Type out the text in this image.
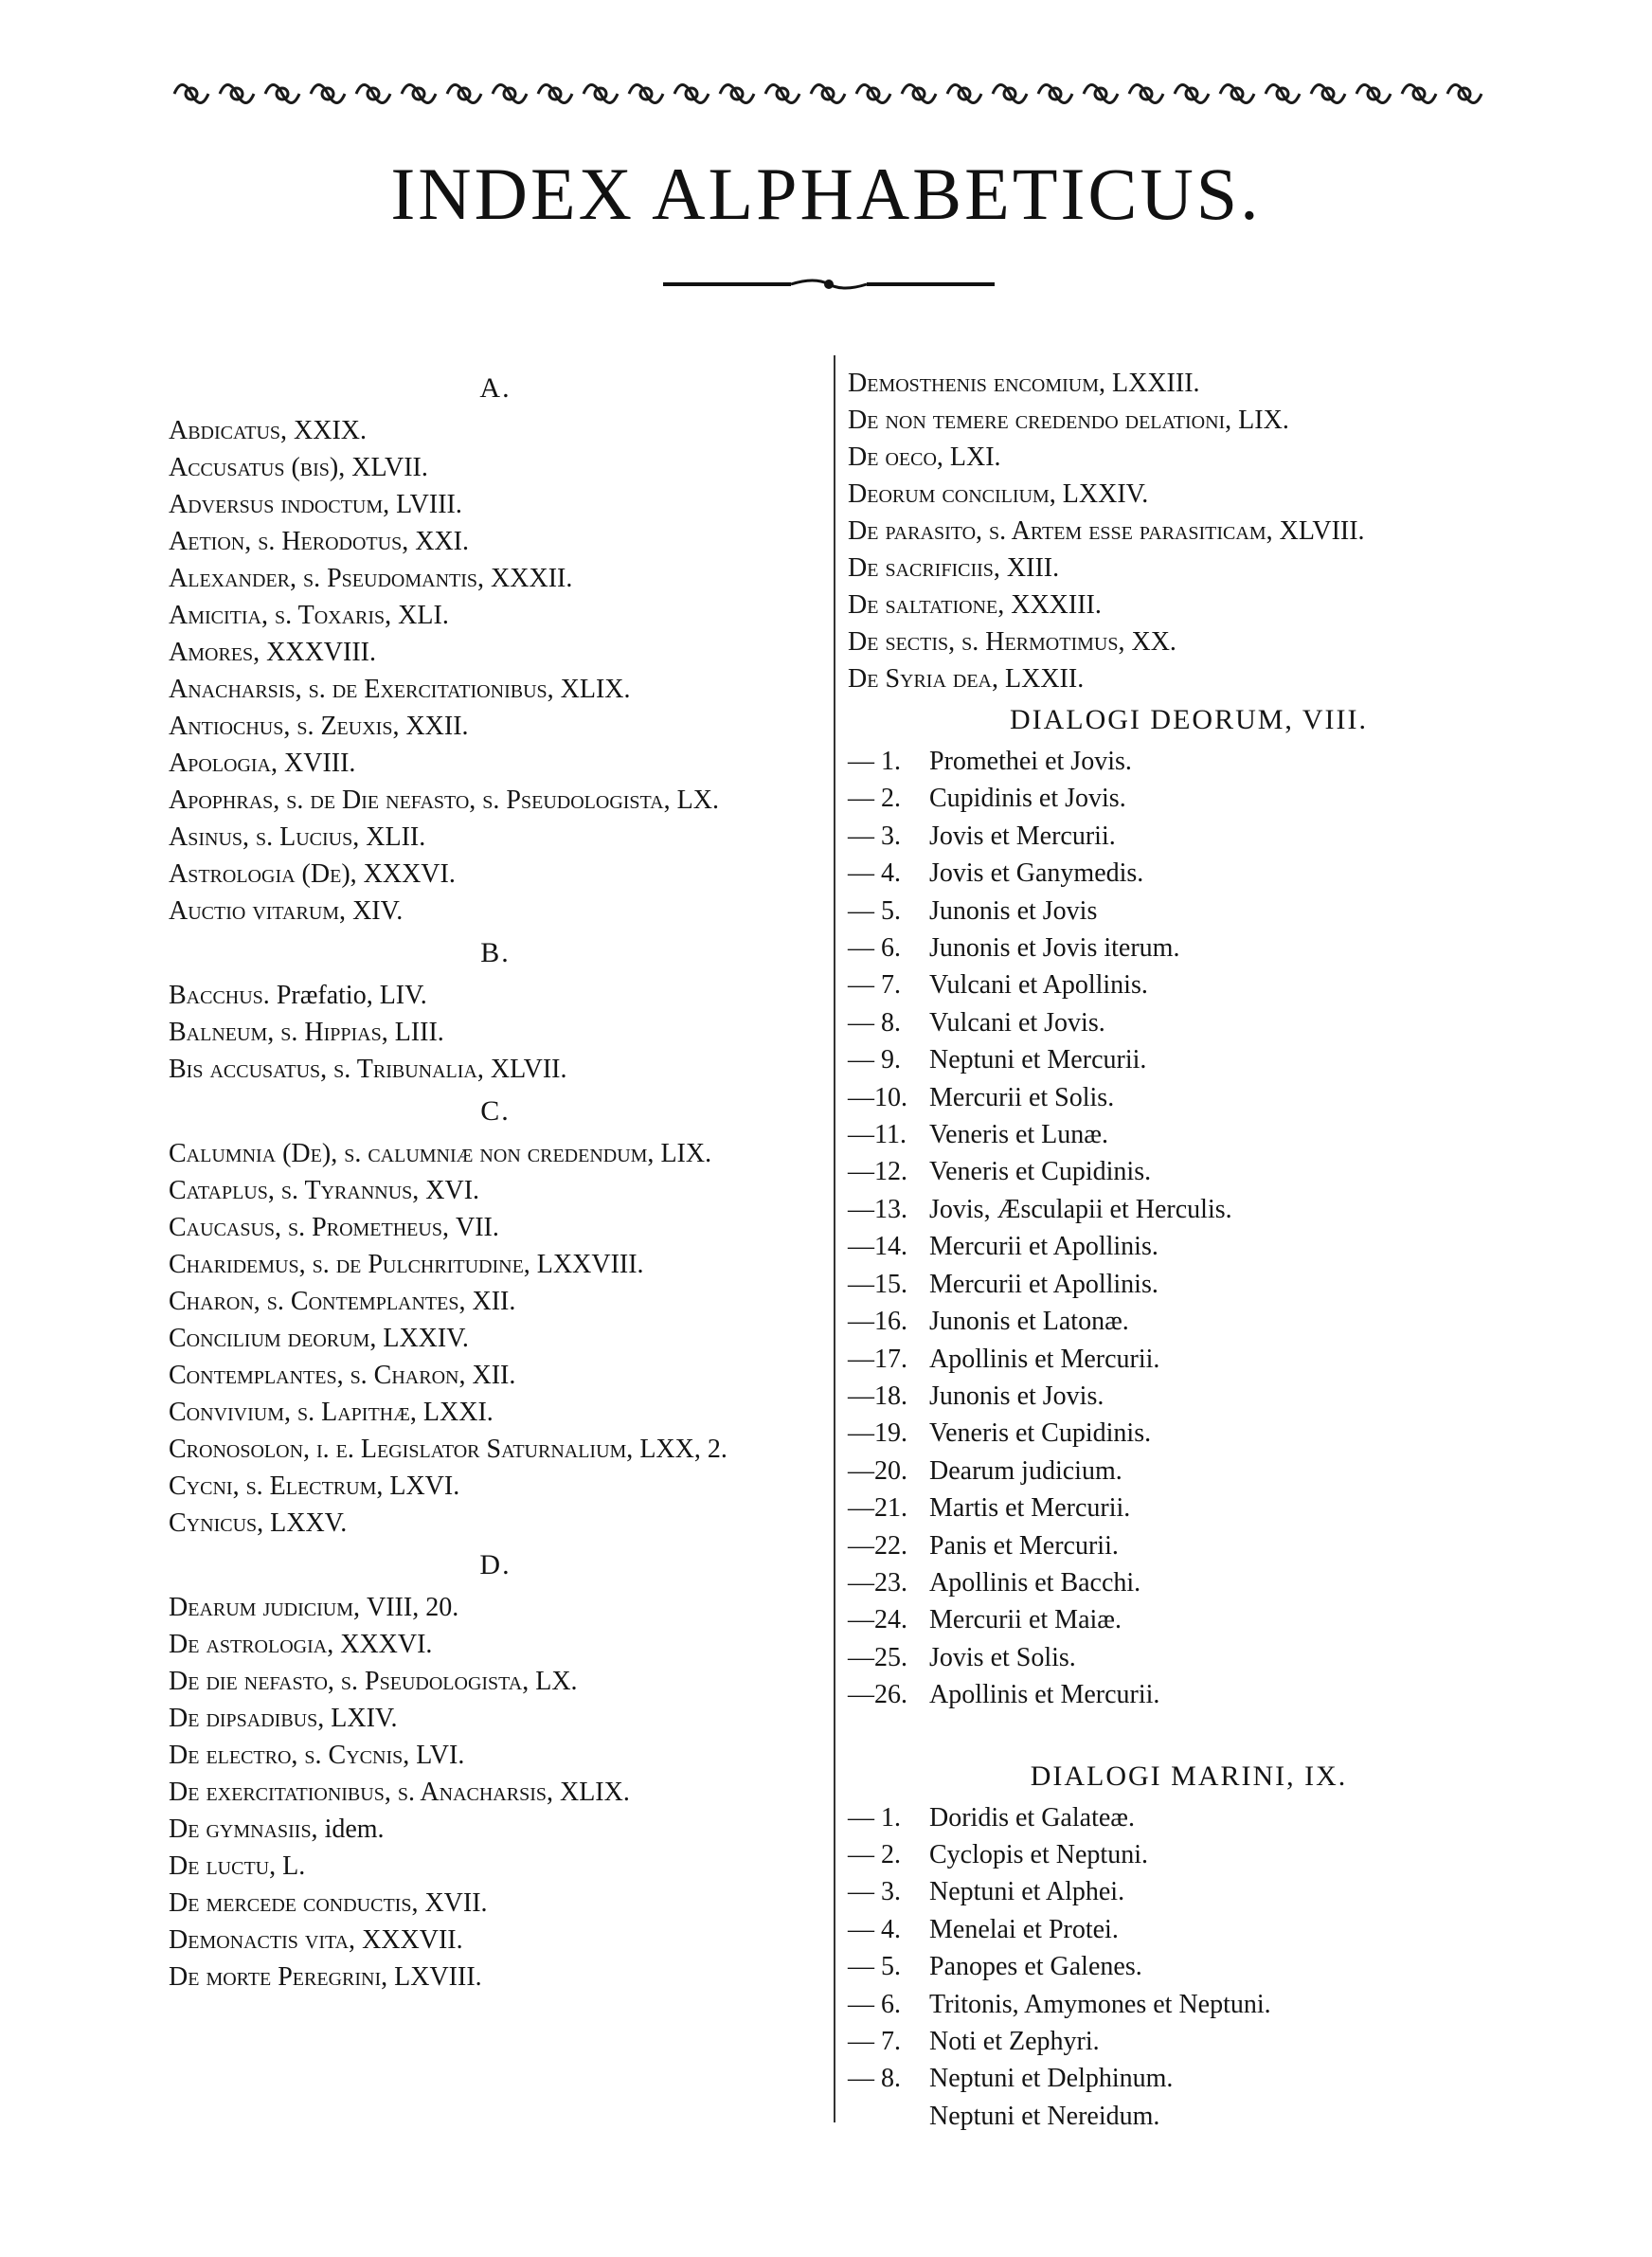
INDEX ALPHABETICUS.
A.

Abdicatus, XXIX.

Accusatus (bis), XLVII.

Adversus indoctum, LVIII.

Aetion, s. Herodotus, XXI.

Alexander, s. Pseudomantis, XXXII.

Amicitia, s. Toxaris, XLI.

Amores, XXXVIII.

Anacharsis, s. de Exercitationibus, XLIX.

Antiochus, s. Zeuxis, XXII.

Apologia, XVIII.

Apophras, s. de Die nefasto, s. Pseudologista, LX.

Asinus, s. Lucius, XLII.

Astrologia (De), XXXVI.

Auctio vitarum, XIV.

B.

Bacchus. Præfatio, LIV.

Balneum, s. Hippias, LIII.

Bis accusatus, s. Tribunalia, XLVII.

C.

Calumnia (De), s. calumniæ non credendum, LIX.

Cataplus, s. Tyrannus, XVI.

Caucasus, s. Prometheus, VII.

Charidemus, s. de Pulchritudine, LXXVIII.

Charon, s. Contemplantes, XII.

Concilium deorum, LXXIV.

Contemplantes, s. Charon, XII.

Convivium, s. Lapithæ, LXXI.

Cronosolon, i. e. Legislator Saturnalium, LXX, 2.

Cycni, s. Electrum, LXVI.

Cynicus, LXXV.

D.

Dearum judicium, VIII, 20.

De astrologia, XXXVI.

De die nefasto, s. Pseudologista, LX.

De dipsadibus, LXIV.

De electro, s. Cycnis, LVI.

De exercitationibus, s. Anacharsis, XLIX.

De gymnasiis, idem.

De luctu, L.

De mercede conductis, XVII.

Demonactis vita, XXXVII.

De morte Peregrini, LXVIII.

Demosthenis encomium, LXXIII.

De non temere credendo delationi, LIX.

De oeco, LXI.

Deorum concilium, LXXIV.

De parasito, s. Artem esse parasiticam, XLVIII.

De sacrificiis, XIII.

De saltatione, XXXIII.

De sectis, s. Hermotimus, XX.

De Syria dea, LXXII.

DIALOGI DEORUM, VIII.

— 1. Promethei et Jovis.

— 2. Cupidinis et Jovis.

— 3. Jovis et Mercurii.

— 4. Jovis et Ganymedis.

— 5. Junonis et Jovis

— 6. Junonis et Jovis iterum.

— 7. Vulcani et Apollinis.

— 8. Vulcani et Jovis.

— 9. Neptuni et Mercurii.

—10. Mercurii et Solis.

—11. Veneris et Lunæ.

—12. Veneris et Cupidinis.

—13. Jovis, Æsculapii et Herculis.

—14. Mercurii et Apollinis.

—15. Mercurii et Apollinis.

—16. Junonis et Latonæ.

—17. Apollinis et Mercurii.

—18. Junonis et Jovis.

—19. Veneris et Cupidinis.

—20. Dearum judicium.

—21. Martis et Mercurii.

—22. Panis et Mercurii.

—23. Apollinis et Bacchi.

—24. Mercurii et Maiæ.

—25. Jovis et Solis.

—26. Apollinis et Mercurii.

DIALOGI MARINI, IX.

— 1. Doridis et Galateæ.

— 2. Cyclopis et Neptuni.

— 3. Neptuni et Alphei.

— 4. Menelai et Protei.

— 5. Panopes et Galenes.

— 6. Tritonis, Amymones et Neptuni.

— 7. Noti et Zephyri.

— 8. Neptuni et Delphinum.

Neptuni et Nereidum.
